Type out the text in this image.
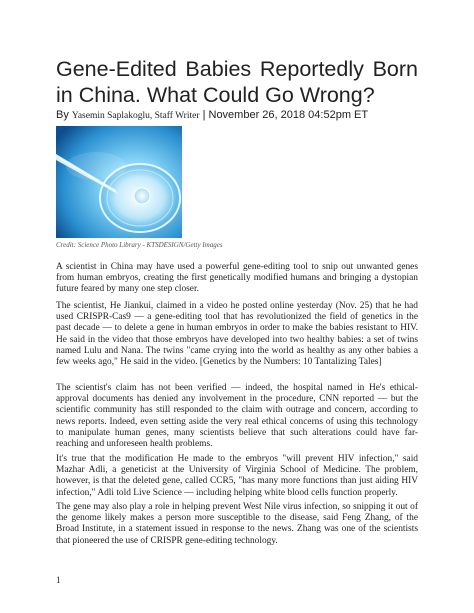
Gene-Edited Babies Reportedly Born in China. What Could Go Wrong?
By Yasemin Saplakoglu, Staff Writer | November 26, 2018 04:52pm ET
Credit: Science Photo Library - KTSDESIGN/Getty Images

A scientist in China may have used a powerful gene-editing tool to snip out unwanted genes from human embryos, creating the first genetically modified humans and bringing a dystopian future feared by many one step closer.

The scientist, He Jiankui, claimed in a video he posted online yesterday (Nov. 25) that he had used CRISPR-Cas9 — a gene-editing tool that has revolutionized the field of genetics in the past decade — to delete a gene in human embryos in order to make the babies resistant to HIV. He said in the video that those embryos have developed into two healthy babies: a set of twins named Lulu and Nana. The twins "came crying into the world as healthy as any other babies a few weeks ago," He said in the video. [Genetics by the Numbers: 10 Tantalizing Tales]

The scientist's claim has not been verified — indeed, the hospital named in He's ethical-approval documents has denied any involvement in the procedure, CNN reported — but the scientific community has still responded to the claim with outrage and concern, according to news reports. Indeed, even setting aside the very real ethical concerns of using this technology to manipulate human genes, many scientists believe that such alterations could have far-reaching and unforeseen health problems.

It's true that the modification He made to the embryos "will prevent HIV infection," said Mazhar Adli, a geneticist at the University of Virginia School of Medicine. The problem, however, is that the deleted gene, called CCR5, "has many more functions than just aiding HIV infection," Adli told Live Science — including helping white blood cells function properly.

The gene may also play a role in helping prevent West Nile virus infection, so snipping it out of the genome likely makes a person more susceptible to the disease, said Feng Zhang, of the Broad Institute, in a statement issued in response to the news. Zhang was one of the scientists that pioneered the use of CRISPR gene-editing technology.

1
